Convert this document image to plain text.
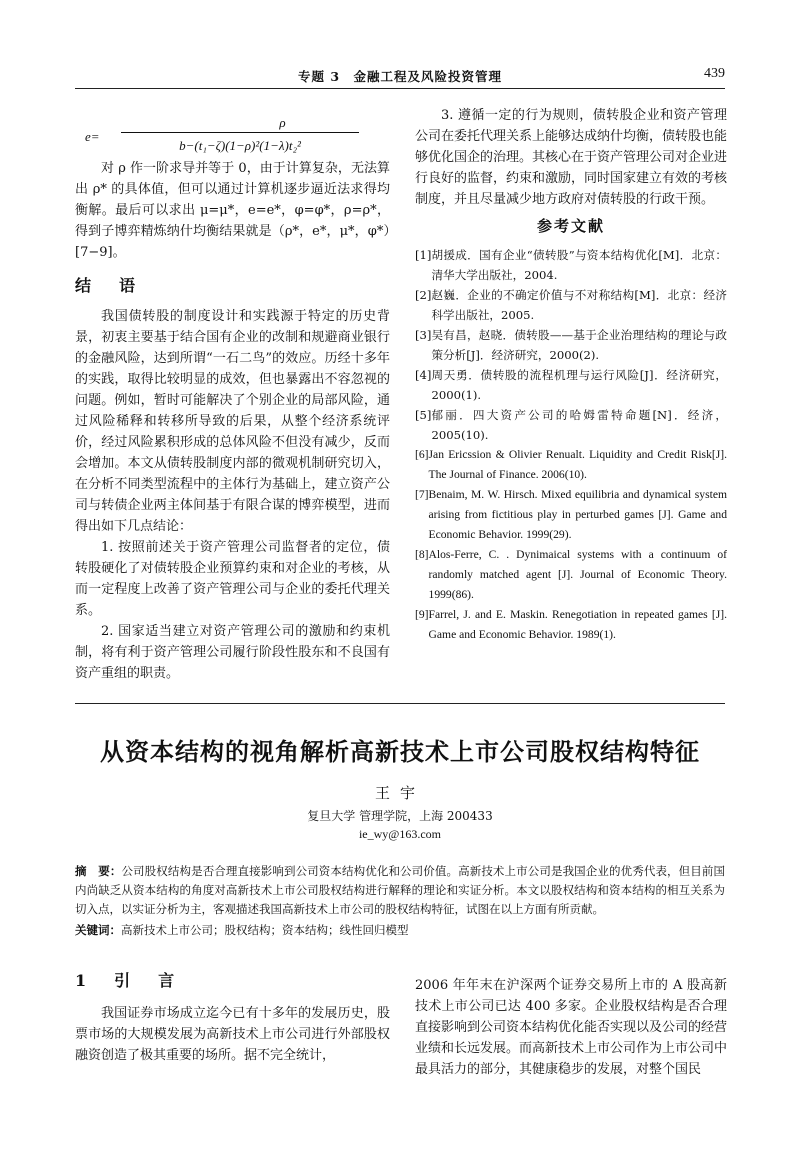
专题 3　金融工程及风险投资管理	439
e=
ρ
b−(t₁−ζ)(1−ρ)²(1−λ)t₂²

对 ρ 作一阶求导并等于 0，由于计算复杂，无法算出 ρ* 的具体值，但可以通过计算机逐步逼近法求得均衡解。最后可以求出 μ=μ*，e=e*，φ=φ*，ρ=ρ*，得到子博弈精炼纳什均衡结果就是（ρ*，e*，μ*，φ*）[7−9]。

结　语

我国债转股的制度设计和实践源于特定的历史背景，初衷主要基于结合国有企业的改制和规避商业银行的金融风险，达到所谓“一石二鸟”的效应。历经十多年的实践，取得比较明显的成效，但也暴露出不容忽视的问题。例如，暂时可能解决了个别企业的局部风险，通过风险稀释和转移所导致的后果，从整个经济系统评价，经过风险累积形成的总体风险不但没有减少，反而会增加。本文从债转股制度内部的微观机制研究切入，在分析不同类型流程中的主体行为基础上，建立资产公司与转债企业两主体间基于有限合谋的博弈模型，进而得出如下几点结论：

1. 按照前述关于资产管理公司监督者的定位，债转股硬化了对债转股企业预算约束和对企业的考核，从而一定程度上改善了资产管理公司与企业的委托代理关系。

2. 国家适当建立对资产管理公司的激励和约束机制，将有利于资产管理公司履行阶段性股东和不良国有资产重组的职责。

3. 遵循一定的行为规则，债转股企业和资产管理公司在委托代理关系上能够达成纳什均衡，债转股也能够优化国企的治理。其核心在于资产管理公司对企业进行良好的监督，约束和激励，同时国家建立有效的考核制度，并且尽量减少地方政府对债转股的行政干预。

参考文献
[1] 胡援成．国有企业“债转股”与资本结构优化[M]．北京：清华大学出版社，2004.
[2] 赵巍．企业的不确定价值与不对称结构[M]．北京：经济科学出版社，2005.
[3] 吴有昌，赵晓．债转股——基于企业治理结构的理论与政策分析[J]．经济研究，2000(2).
[4] 周天勇．债转股的流程机理与运行风险[J]．经济研究，2000(1).
[5] 郁丽．四大资产公司的哈姆雷特命题[N]．经济，2005(10).
[6] Jan Ericssion & Olivier Renualt. Liquidity and Credit Risk[J]. The Journal of Finance. 2006(10).
[7] Benaim, M. W. Hirsch. Mixed equilibria and dynamical system arising from fictitious play in perturbed games [J]. Game and Economic Behavior. 1999(29).
[8] Alos-Ferre, C. . Dynimaical systems with a continuum of randomly matched agent [J]. Journal of Economic Theory. 1999(86).
[9] Farrel, J. and E. Maskin. Renegotiation in repeated games [J]. Game and Economic Behavior. 1989(1).
从资本结构的视角解析高新技术上市公司股权结构特征
王宇
复旦大学 管理学院，上海 200433
ie_wy@163.com
摘　要：公司股权结构是否合理直接影响到公司资本结构优化和公司价值。高新技术上市公司是我国企业的优秀代表，但目前国内尚缺乏从资本结构的角度对高新技术上市公司股权结构进行解释的理论和实证分析。本文以股权结构和资本结构的相互关系为切入点，以实证分析为主，客观描述我国高新技术上市公司的股权结构特征，试图在以上方面有所贡献。
关键词：高新技术上市公司；股权结构；资本结构；线性回归模型
1　引　言

我国证券市场成立迄今已有十多年的发展历史，股票市场的大规模发展为高新技术上市公司进行外部股权融资创造了极其重要的场所。据不完全统计，

2006 年年末在沪深两个证券交易所上市的 A 股高新技术上市公司已达 400 多家。企业股权结构是否合理直接影响到公司资本结构优化能否实现以及公司的经营业绩和长远发展。而高新技术上市公司作为上市公司中最具活力的部分，其健康稳步的发展，对整个国民
